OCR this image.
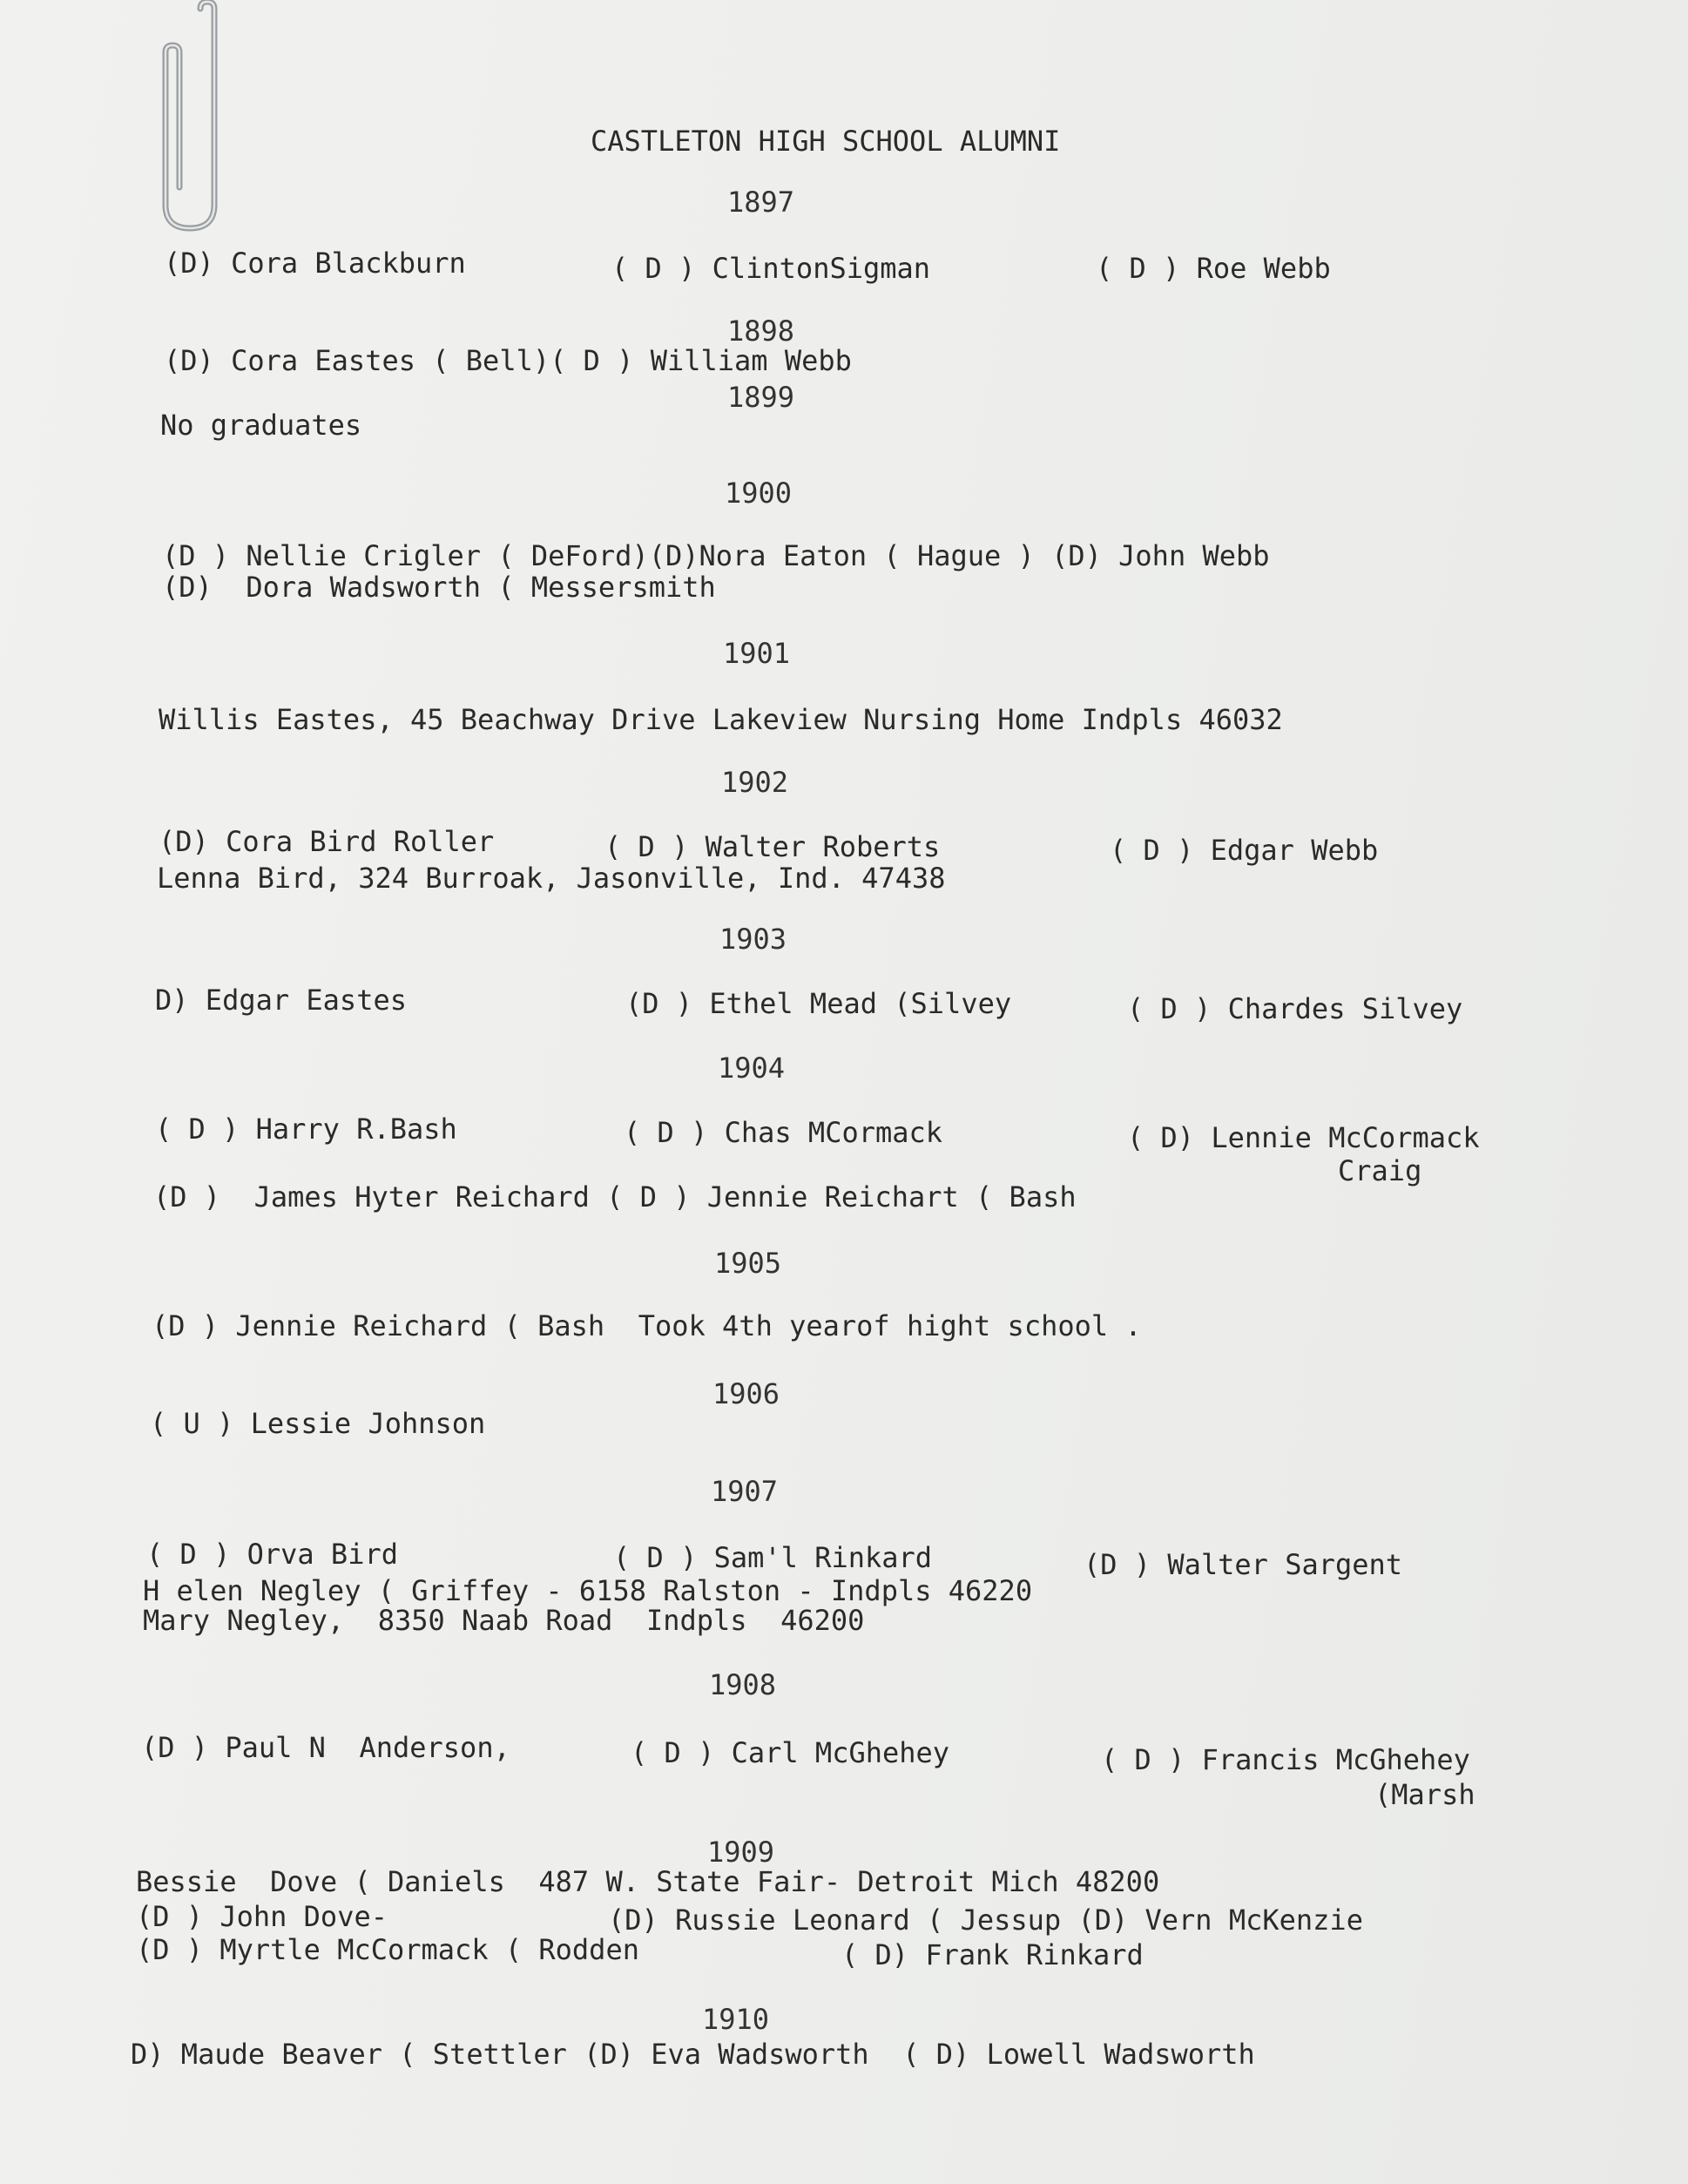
CASTLETON HIGH SCHOOL ALUMNI
1897
(D) Cora Blackburn	( D ) ClintonSigman	( D ) Roe Webb
1898
(D) Cora Eastes ( Bell)( D ) William Webb
1899
No graduates
1900
(D ) Nellie Crigler ( DeFord)(D)Nora Eaton ( Hague ) (D) John Webb
(D)  Dora Wadsworth ( Messersmith
1901
Willis Eastes, 45 Beachway Drive Lakeview Nursing Home Indpls 46032
1902
(D) Cora Bird Roller	( D ) Walter Roberts	( D ) Edgar Webb
Lenna Bird, 324 Burroak, Jasonville, Ind. 47438
1903
D) Edgar Eastes	(D ) Ethel Mead (Silvey	( D ) Chardes Silvey
1904
( D ) Harry R.Bash	( D ) Chas MCormack	( D) Lennie McCormack
Craig
(D )  James Hyter Reichard ( D ) Jennie Reichart ( Bash
1905
(D ) Jennie Reichard ( Bash  Took 4th yearof hight school .
1906
( U ) Lessie Johnson
1907
( D ) Orva Bird	( D ) Sam'l Rinkard	(D ) Walter Sargent
H elen Negley ( Griffey - 6158 Ralston - Indpls 46220
Mary Negley,  8350 Naab Road  Indpls  46200
1908
(D ) Paul N  Anderson,	( D ) Carl McGhehey	( D ) Francis McGhehey
(Marsh
1909
Bessie  Dove ( Daniels  487 W. State Fair- Detroit Mich 48200
(D ) John Dove-	(D) Russie Leonard ( Jessup (D) Vern McKenzie
(D ) Myrtle McCormack ( Rodden	( D) Frank Rinkard
1910
D) Maude Beaver ( Stettler (D) Eva Wadsworth  ( D) Lowell Wadsworth
